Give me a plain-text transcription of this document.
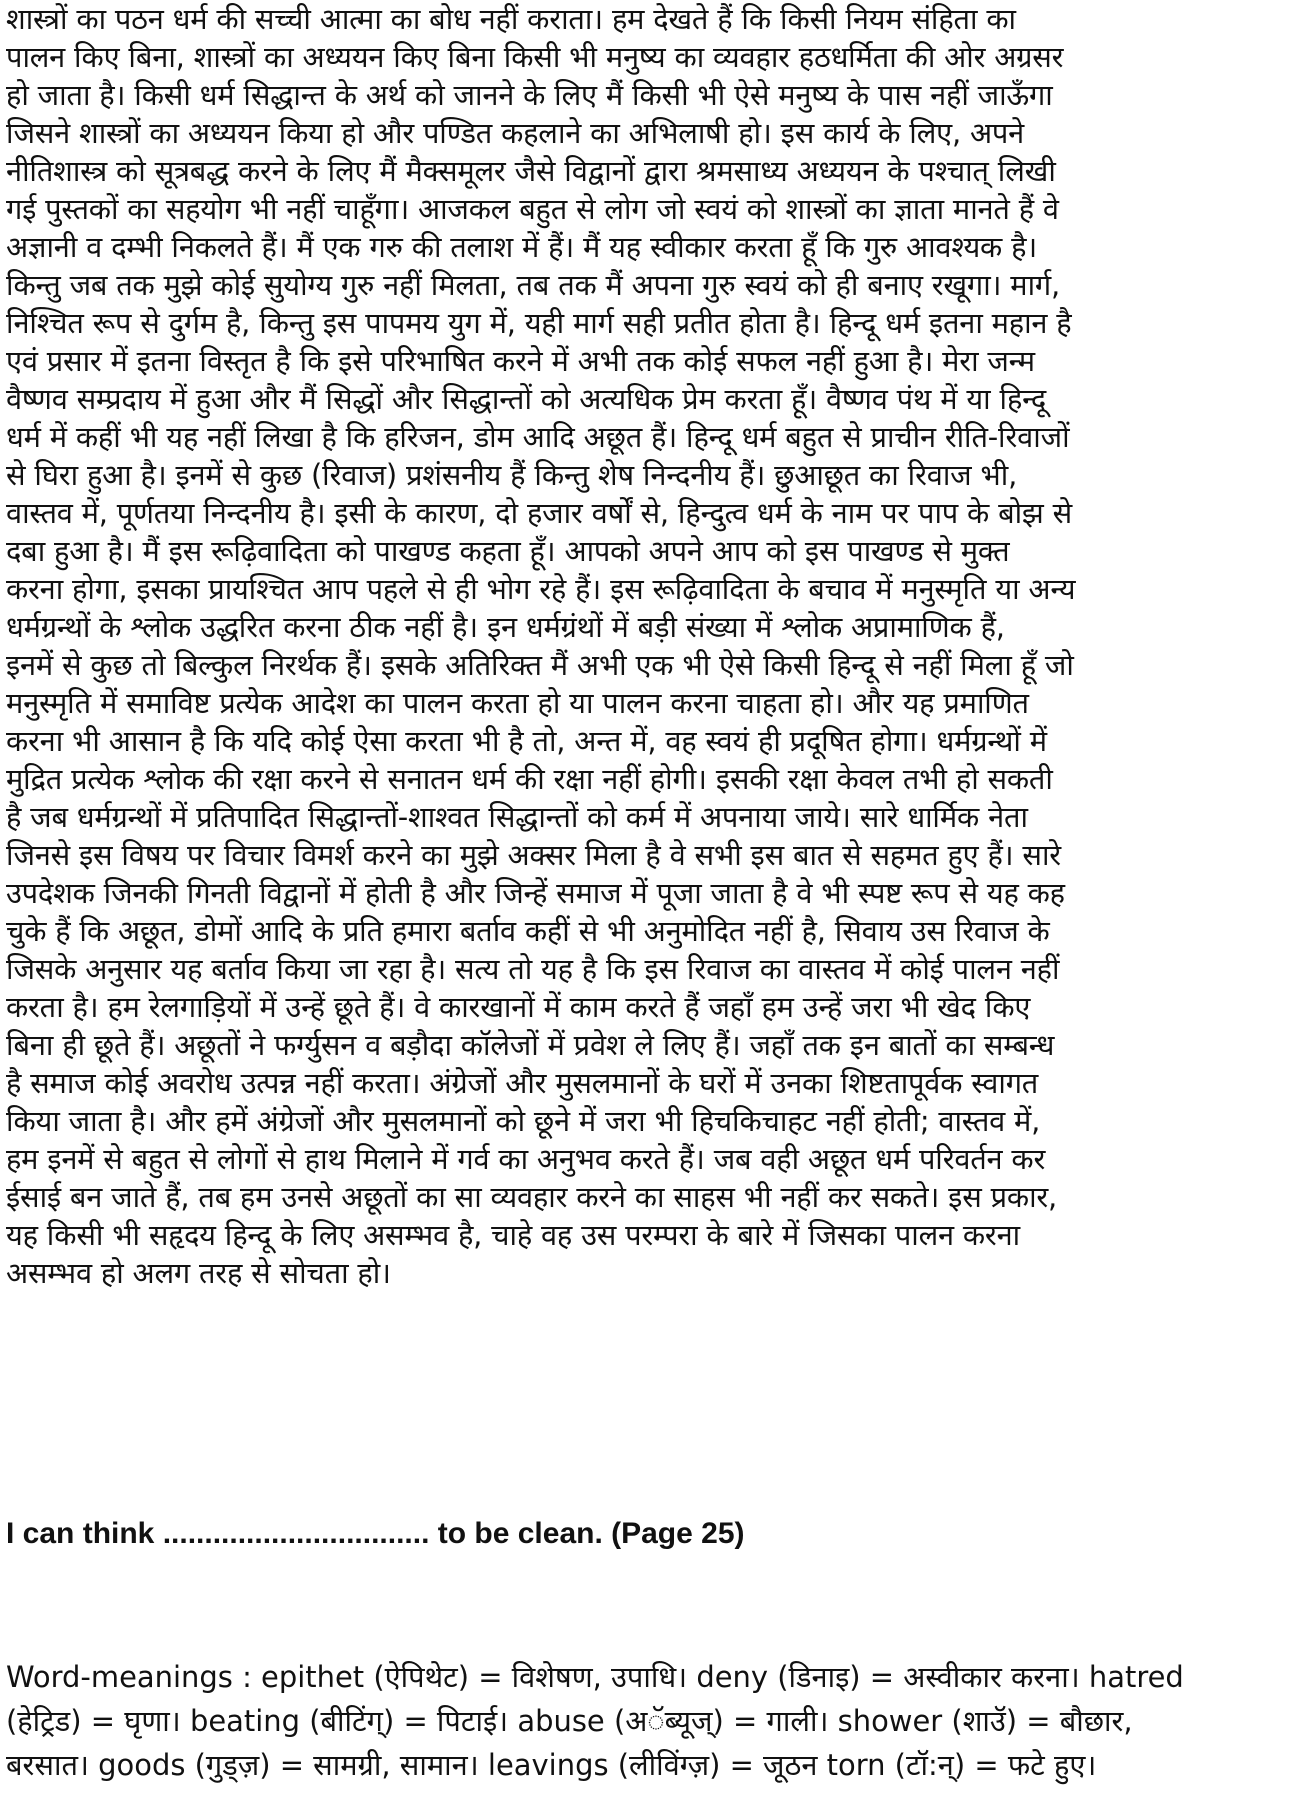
शास्त्रों का पठन धर्म की सच्ची आत्मा का बोध नहीं कराता। हम देखते हैं कि किसी नियम संहिता का
पालन किए बिना, शास्त्रों का अध्ययन किए बिना किसी भी मनुष्य का व्यवहार हठधर्मिता की ओर अग्रसर
हो जाता है। किसी धर्म सिद्धान्त के अर्थ को जानने के लिए मैं किसी भी ऐसे मनुष्य के पास नहीं जाऊँगा
जिसने शास्त्रों का अध्ययन किया हो और पण्डित कहलाने का अभिलाषी हो। इस कार्य के लिए, अपने
नीतिशास्त्र को सूत्रबद्ध करने के लिए मैं मैक्समूलर जैसे विद्वानों द्वारा श्रमसाध्य अध्ययन के पश्चात् लिखी
गई पुस्तकों का सहयोग भी नहीं चाहूँगा। आजकल बहुत से लोग जो स्वयं को शास्त्रों का ज्ञाता मानते हैं वे
अज्ञानी व दम्भी निकलते हैं। मैं एक गरु की तलाश में हैं। मैं यह स्वीकार करता हूँ कि गुरु आवश्यक है।
किन्तु जब तक मुझे कोई सुयोग्य गुरु नहीं मिलता, तब तक मैं अपना गुरु स्वयं को ही बनाए रखूगा। मार्ग,
निश्चित रूप से दुर्गम है, किन्तु इस पापमय युग में, यही मार्ग सही प्रतीत होता है। हिन्दू धर्म इतना महान है
एवं प्रसार में इतना विस्तृत है कि इसे परिभाषित करने में अभी तक कोई सफल नहीं हुआ है। मेरा जन्म
वैष्णव सम्प्रदाय में हुआ और मैं सिद्धों और सिद्धान्तों को अत्यधिक प्रेम करता हूँ। वैष्णव पंथ में या हिन्दू
धर्म में कहीं भी यह नहीं लिखा है कि हरिजन, डोम आदि अछूत हैं। हिन्दू धर्म बहुत से प्राचीन रीति-रिवाजों
से घिरा हुआ है। इनमें से कुछ (रिवाज) प्रशंसनीय हैं किन्तु शेष निन्दनीय हैं। छुआछूत का रिवाज भी,
वास्तव में, पूर्णतया निन्दनीय है। इसी के कारण, दो हजार वर्षों से, हिन्दुत्व धर्म के नाम पर पाप के बोझ से
दबा हुआ है। मैं इस रूढ़िवादिता को पाखण्ड कहता हूँ। आपको अपने आप को इस पाखण्ड से मुक्त
करना होगा, इसका प्रायश्चित आप पहले से ही भोग रहे हैं। इस रूढ़िवादिता के बचाव में मनुस्मृति या अन्य
धर्मग्रन्थों के श्लोक उद्धरित करना ठीक नहीं है। इन धर्मग्रंथों में बड़ी संख्या में श्लोक अप्रामाणिक हैं,
इनमें से कुछ तो बिल्कुल निरर्थक हैं। इसके अतिरिक्त मैं अभी एक भी ऐसे किसी हिन्दू से नहीं मिला हूँ जो
मनुस्मृति में समाविष्ट प्रत्येक आदेश का पालन करता हो या पालन करना चाहता हो। और यह प्रमाणित
करना भी आसान है कि यदि कोई ऐसा करता भी है तो, अन्त में, वह स्वयं ही प्रदूषित होगा। धर्मग्रन्थों में
मुद्रित प्रत्येक श्लोक की रक्षा करने से सनातन धर्म की रक्षा नहीं होगी। इसकी रक्षा केवल तभी हो सकती
है जब धर्मग्रन्थों में प्रतिपादित सिद्धान्तों-शाश्वत सिद्धान्तों को कर्म में अपनाया जाये। सारे धार्मिक नेता
जिनसे इस विषय पर विचार विमर्श करने का मुझे अक्सर मिला है वे सभी इस बात से सहमत हुए हैं। सारे
उपदेशक जिनकी गिनती विद्वानों में होती है और जिन्हें समाज में पूजा जाता है वे भी स्पष्ट रूप से यह कह
चुके हैं कि अछूत, डोमों आदि के प्रति हमारा बर्ताव कहीं से भी अनुमोदित नहीं है, सिवाय उस रिवाज के
जिसके अनुसार यह बर्ताव किया जा रहा है। सत्य तो यह है कि इस रिवाज का वास्तव में कोई पालन नहीं
करता है। हम रेलगाड़ियों में उन्हें छूते हैं। वे कारखानों में काम करते हैं जहाँ हम उन्हें जरा भी खेद किए
बिना ही छूते हैं। अछूतों ने फर्ग्युसन व बड़ौदा कॉलेजों में प्रवेश ले लिए हैं। जहाँ तक इन बातों का सम्बन्ध
है समाज कोई अवरोध उत्पन्न नहीं करता। अंग्रेजों और मुसलमानों के घरों में उनका शिष्टतापूर्वक स्वागत
किया जाता है। और हमें अंग्रेजों और मुसलमानों को छूने में जरा भी हिचकिचाहट नहीं होती; वास्तव में,
हम इनमें से बहुत से लोगों से हाथ मिलाने में गर्व का अनुभव करते हैं। जब वही अछूत धर्म परिवर्तन कर
ईसाई बन जाते हैं, तब हम उनसे अछूतों का सा व्यवहार करने का साहस भी नहीं कर सकते। इस प्रकार,
यह किसी भी सहृदय हिन्दू के लिए असम्भव है, चाहे वह उस परम्परा के बारे में जिसका पालन करना
असम्भव हो अलग तरह से सोचता हो।
I can think ................................ to be clean. (Page 25)
Word-meanings : epithet (ऐपिथेट) = विशेषण, उपाधि। deny (डिनाइ) = अस्वीकार करना। hatred
(हेट्रिड) = घृणा। beating (बीटिंग्) = पिटाई। abuse (अॅब्यूज्) = गाली। shower (शाउॅ) = बौछार,
बरसात। goods (गुड्ज़) = सामग्री, सामान। leavings (लीविंग्ज़) = जूठन torn (टॉ:न्) = फटे हुए।
